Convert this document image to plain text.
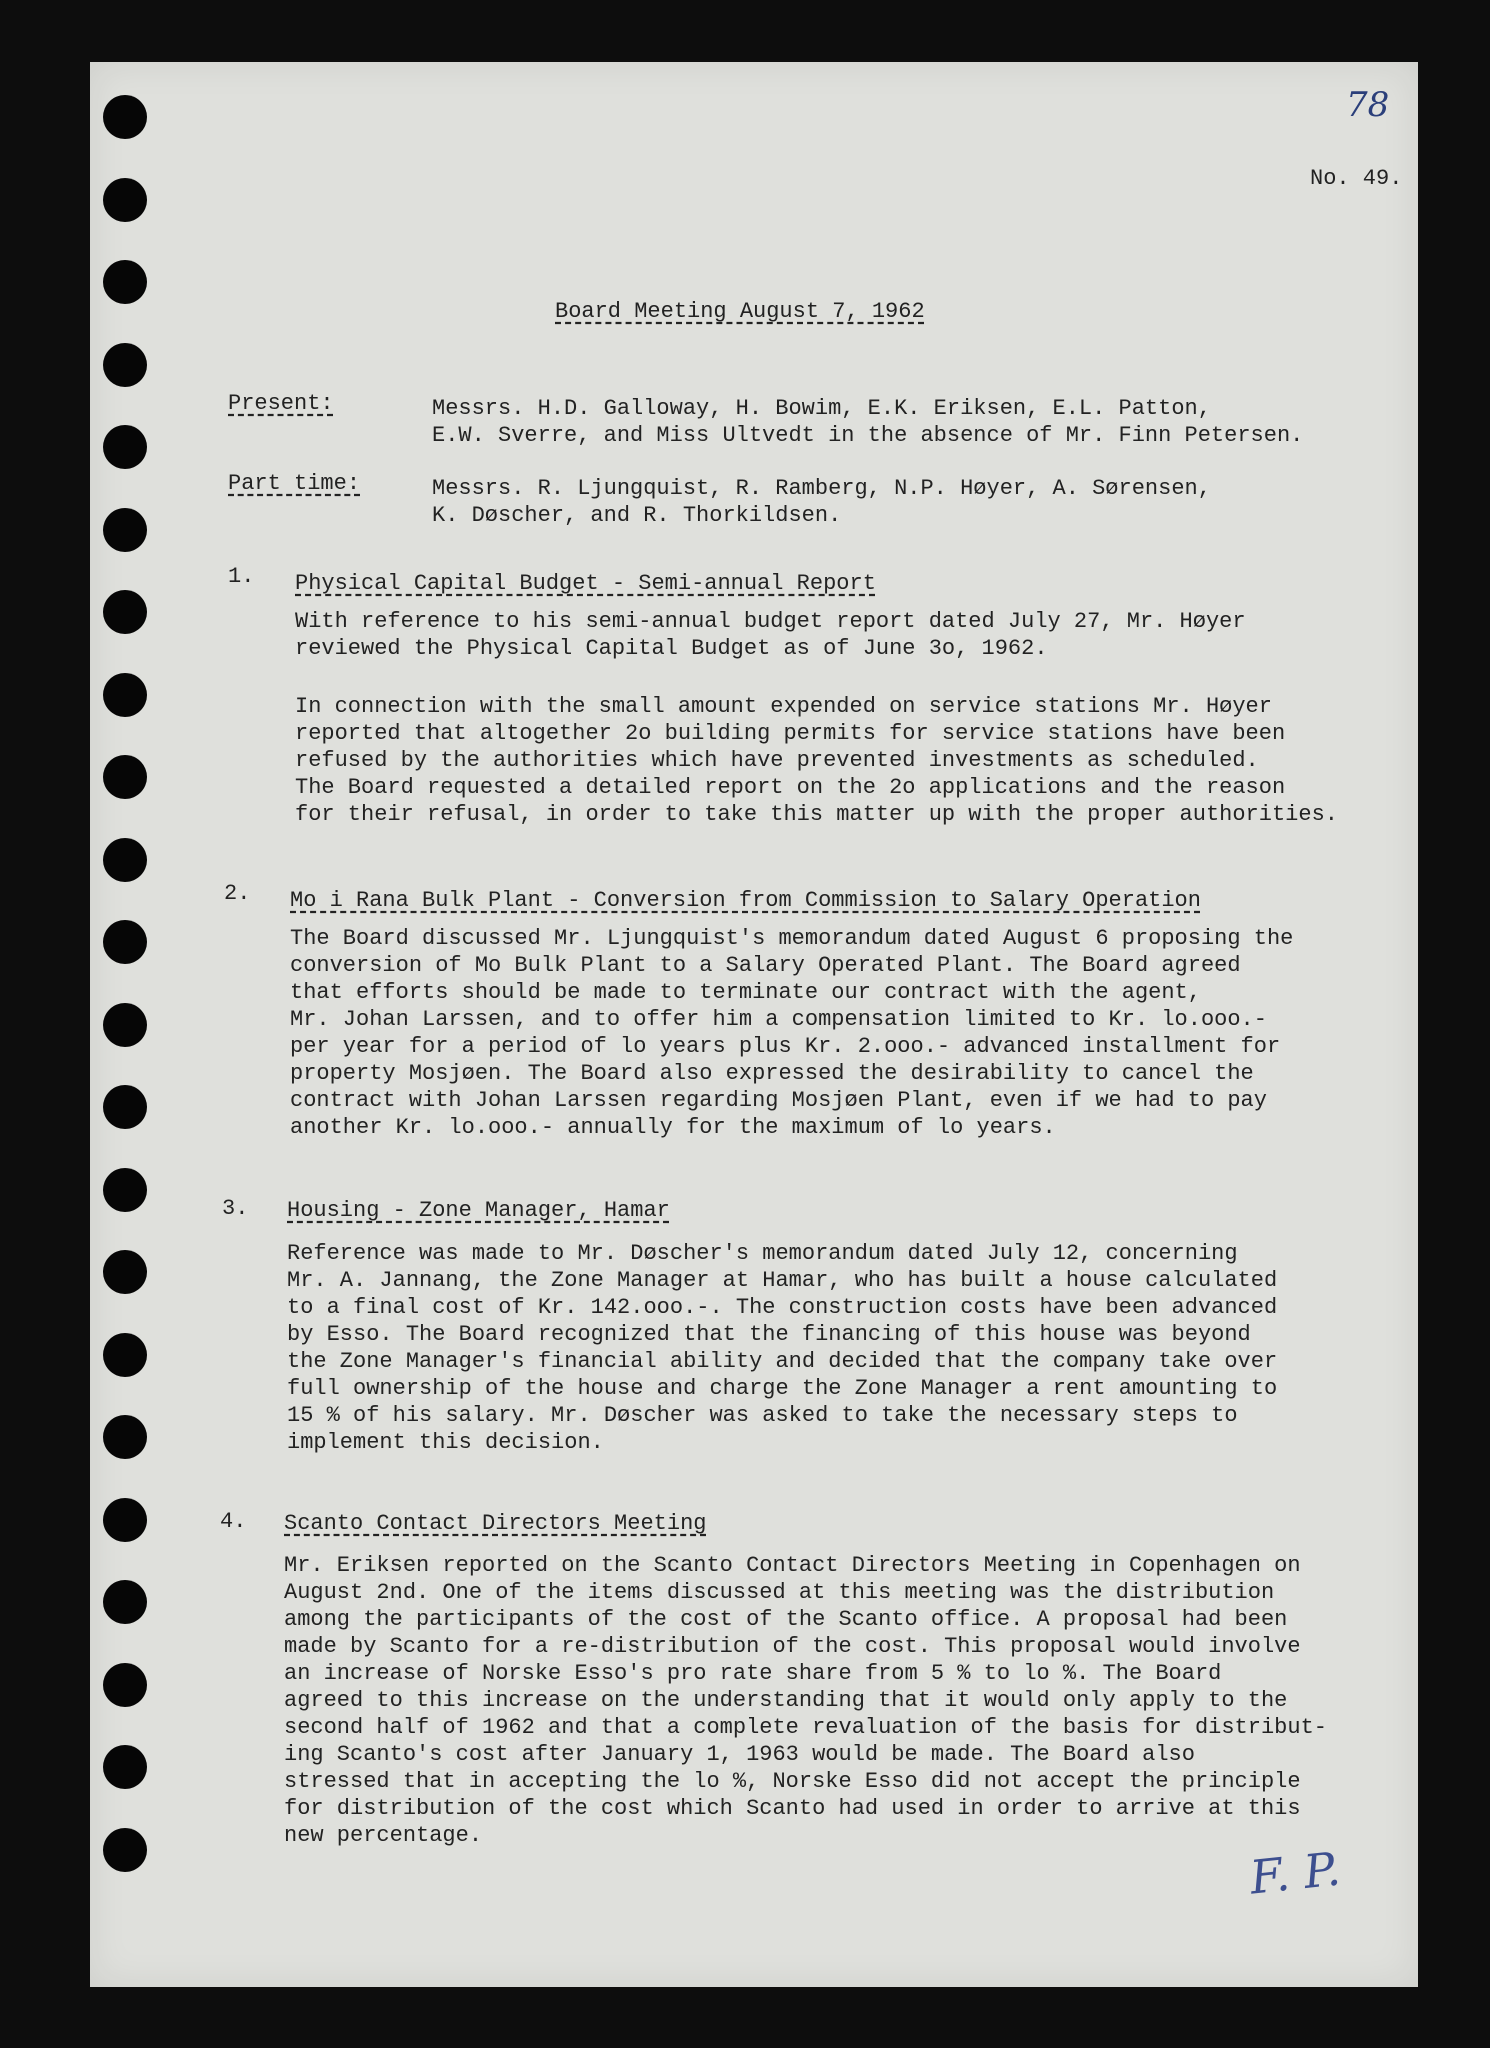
78
No. 49.
Board Meeting August 7, 1962
Present:	Messrs. H.D. Galloway, H. Bowim, E.K. Eriksen, E.L. Patton,
E.W. Sverre, and Miss Ultvedt in the absence of Mr. Finn Petersen.
Part time:	Messrs. R. Ljungquist, R. Ramberg, N.P. Høyer, A. Sørensen,
K. Døscher, and R. Thorkildsen.
1. Physical Capital Budget - Semi-annual Report
With reference to his semi-annual budget report dated July 27, Mr. Høyer
reviewed the Physical Capital Budget as of June 3o, 1962.
In connection with the small amount expended on service stations Mr. Høyer
reported that altogether 2o building permits for service stations have been
refused by the authorities which have prevented investments as scheduled.
The Board requested a detailed report on the 2o applications and the reason
for their refusal, in order to take this matter up with the proper authorities.
2. Mo i Rana Bulk Plant - Conversion from Commission to Salary Operation
The Board discussed Mr. Ljungquist's memorandum dated August 6 proposing the
conversion of Mo Bulk Plant to a Salary Operated Plant. The Board agreed
that efforts should be made to terminate our contract with the agent,
Mr. Johan Larssen, and to offer him a compensation limited to Kr. lo.ooo.-
per year for a period of lo years plus Kr. 2.ooo.- advanced installment for
property Mosjøen. The Board also expressed the desirability to cancel the
contract with Johan Larssen regarding Mosjøen Plant, even if we had to pay
another Kr. lo.ooo.- annually for the maximum of lo years.
3. Housing - Zone Manager, Hamar
Reference was made to Mr. Døscher's memorandum dated July 12, concerning
Mr. A. Jannang, the Zone Manager at Hamar, who has built a house calculated
to a final cost of Kr. 142.ooo.-. The construction costs have been advanced
by Esso. The Board recognized that the financing of this house was beyond
the Zone Manager's financial ability and decided that the company take over
full ownership of the house and charge the Zone Manager a rent amounting to
15 % of his salary. Mr. Døscher was asked to take the necessary steps to
implement this decision.
4. Scanto Contact Directors Meeting
Mr. Eriksen reported on the Scanto Contact Directors Meeting in Copenhagen on
August 2nd. One of the items discussed at this meeting was the distribution
among the participants of the cost of the Scanto office. A proposal had been
made by Scanto for a re-distribution of the cost. This proposal would involve
an increase of Norske Esso's pro rate share from 5 % to lo %. The Board
agreed to this increase on the understanding that it would only apply to the
second half of 1962 and that a complete revaluation of the basis for distribut-
ing Scanto's cost after January 1, 1963 would be made. The Board also
stressed that in accepting the lo %, Norske Esso did not accept the principle
for distribution of the cost which Scanto had used in order to arrive at this
new percentage.
F. P.
